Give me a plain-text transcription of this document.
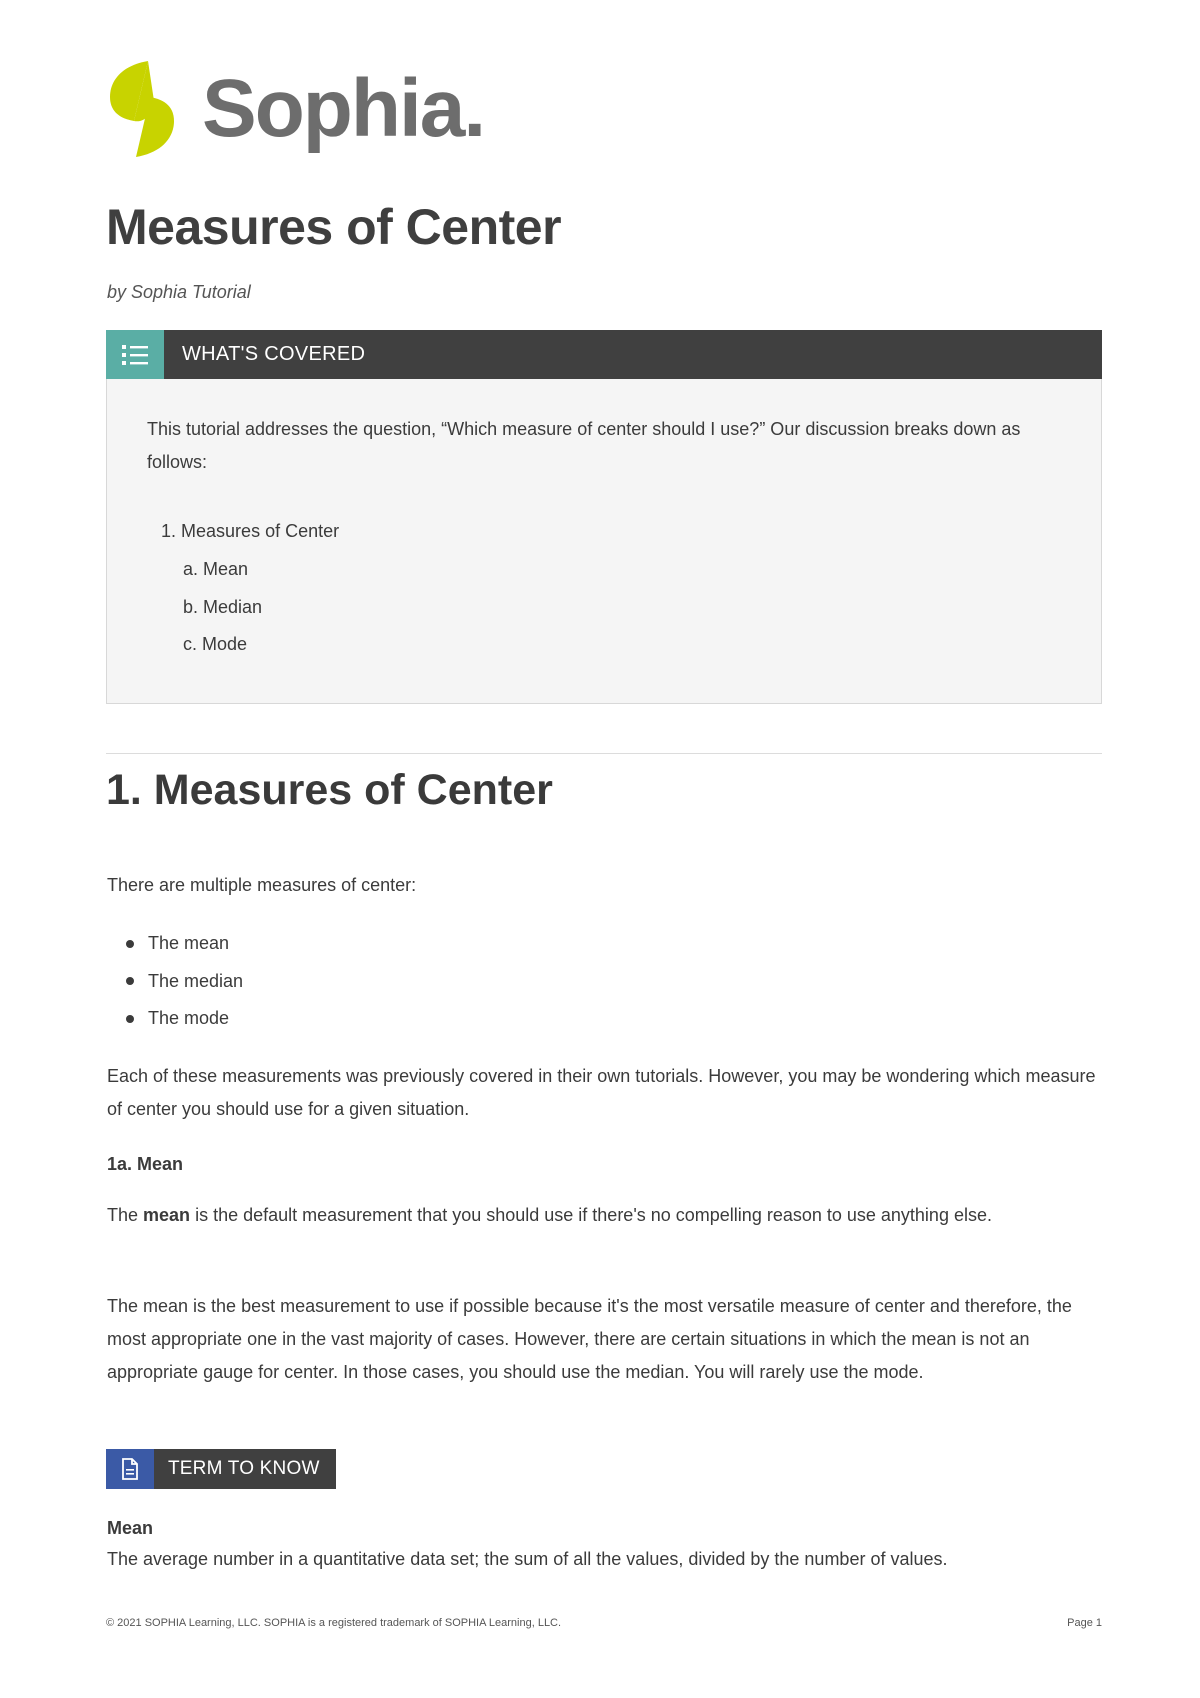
Sophia.
Measures of Center
by Sophia Tutorial
WHAT'S COVERED

This tutorial addresses the question, “Which measure of center should I use?” Our discussion breaks down as follows:

1. Measures of Center
a. Mean
b. Median
c. Mode
1. Measures of Center

There are multiple measures of center:

The mean
The median
The mode

Each of these measurements was previously covered in their own tutorials. However, you may be wondering which measure of center you should use for a given situation.

1a. Mean

The mean is the default measurement that you should use if there's no compelling reason to use anything else.

The mean is the best measurement to use if possible because it's the most versatile measure of center and therefore, the most appropriate one in the vast majority of cases. However, there are certain situations in which the mean is not an appropriate gauge for center. In those cases, you should use the median. You will rarely use the mode.

TERM TO KNOW

Mean

The average number in a quantitative data set; the sum of all the values, divided by the number of values.

© 2021 SOPHIA Learning, LLC. SOPHIA is a registered trademark of SOPHIA Learning, LLC.	Page 1
